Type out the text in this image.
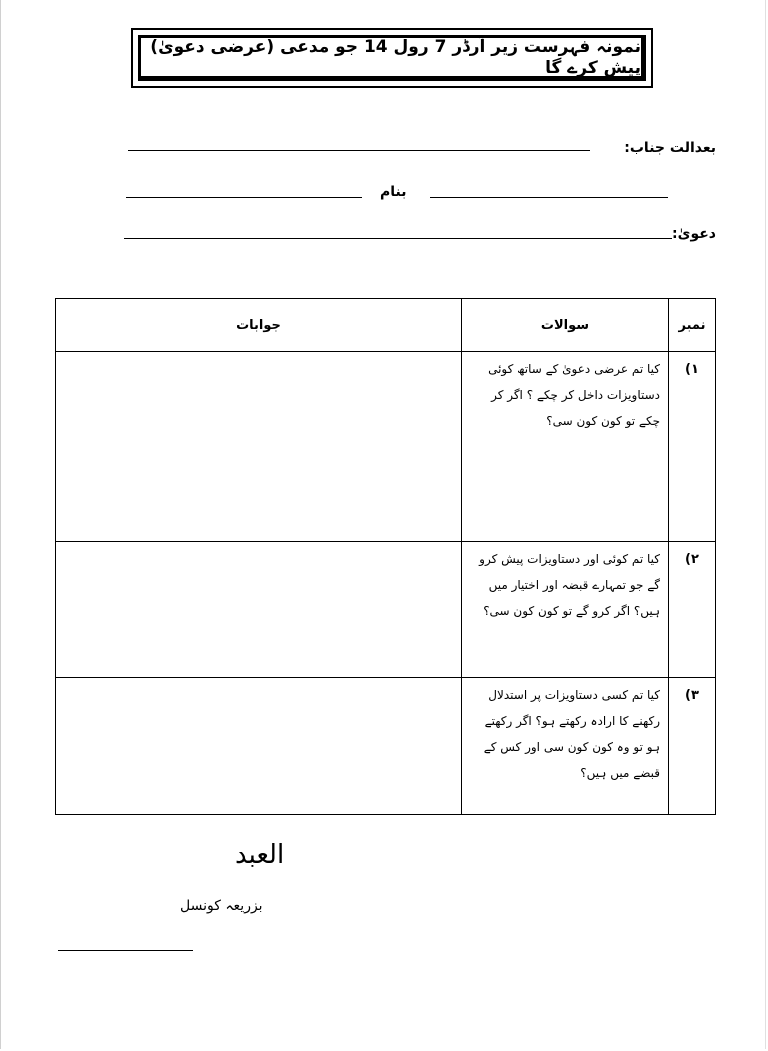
نمونہ فہرست زیر آرڈر 7 رول 14 جو مدعی (عرضی دعویٰ) پیش کرے گا
بعدالت جناب:
بنام
دعویٰ:
نمبر	سوالات	جوابات
۱)	کیا تم عرضی دعویٰ کے ساتھ کوئی دستاویزات داخل کر چکے ؟ اگر کر چکے تو کون کون سی؟	
۲)	کیا تم کوئی اور دستاویزات پیش کرو گے جو تمہارے قبضہ اور اختیار میں ہیں؟ اگر کرو گے تو کون کون سی؟	
۳)	کیا تم کسی دستاویزات پر استدلال رکھنے کا ارادہ رکھتے ہو؟ اگر رکھتے ہو تو وہ کون کون سی اور کس کے قبضے میں ہیں؟	
العبد
بزریعہ کونسل
